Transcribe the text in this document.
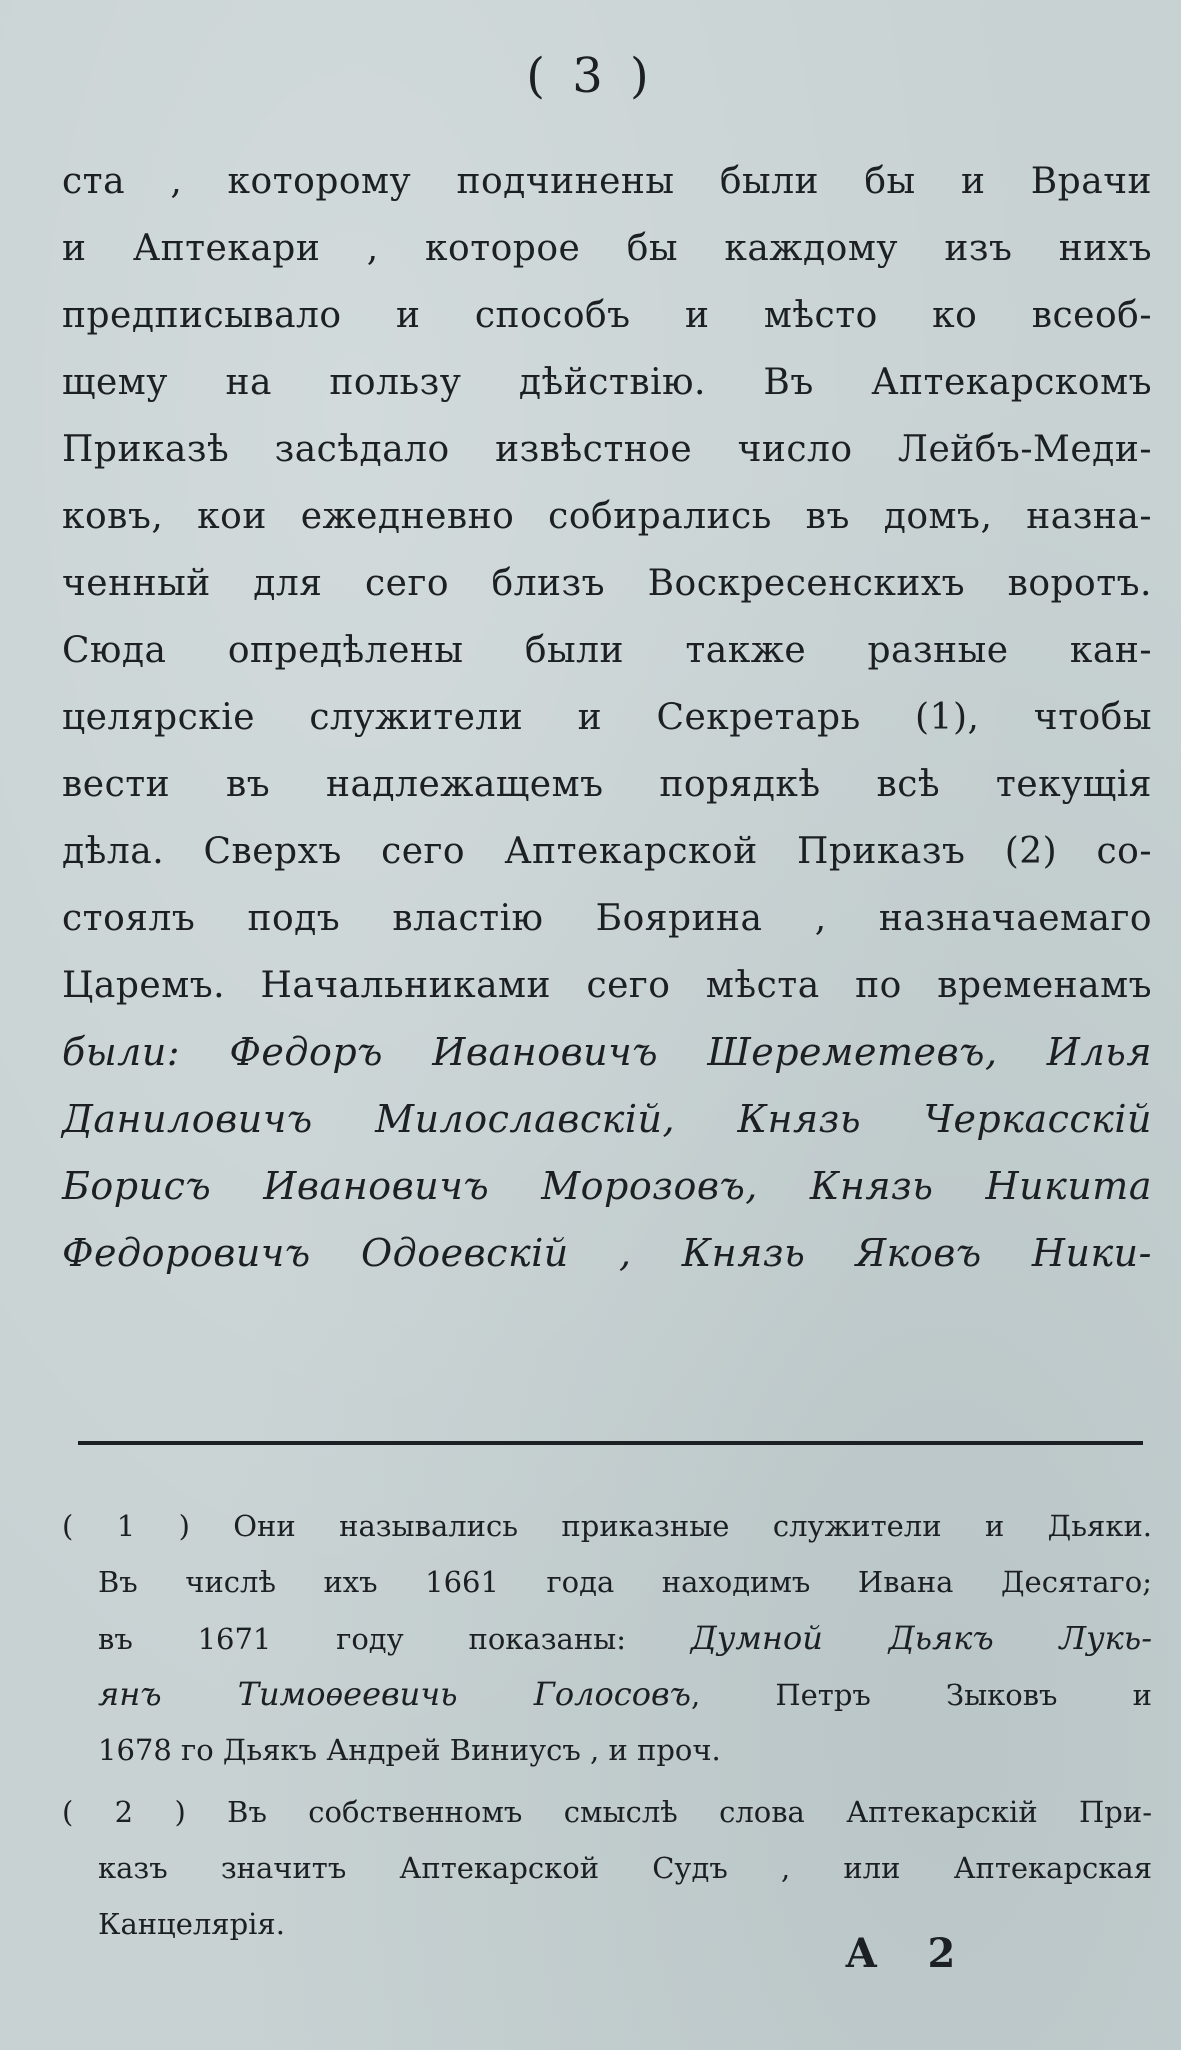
( 3 )
ста , которому подчинены были бы и Врачи
и Аптекари , которое бы каждому изъ нихъ
предписывало и способъ и мѣсто ко всеоб-
щему на пользу дѣйствію. Въ Аптекарскомъ
Приказѣ засѣдало извѣстное число Лейбъ-Меди-
ковъ, кои ежедневно собирались въ домъ, назна-
ченный для сего близъ Воскресенскихъ воротъ.
Сюда опредѣлены были также разные кан-
целярскіе служители и Секретарь (1), чтобы
вести въ надлежащемъ порядкѣ всѣ текущія
дѣла. Сверхъ сего Аптекарской Приказъ (2) со-
стоялъ подъ властію Боярина , назначаемаго
Царемъ. Начальниками сего мѣста по временамъ
были: Федоръ Ивановичъ Шереметевъ, Илья
Даниловичъ Милославскій, Князь Черкасскій
Борисъ Ивановичъ Морозовъ, Князь Никита
Федоровичъ Одоевскій , Князь Яковъ Ники-
( 1 ) Они назывались приказные служители и Дьяки.
Въ числѣ ихъ 1661 года находимъ Ивана Десятаго;
въ 1671 году показаны: Думной Дьякъ Лукь-
янъ Тимоѳеевичь Голосовъ, Петръ Зыковъ и
1678 го Дьякъ Андрей Виниусъ , и проч.
( 2 ) Въ собственномъ смыслѣ слова Аптекарскій При-
казъ значитъ Аптекарской Судъ , или Аптекарская
Канцелярія.
А 2
